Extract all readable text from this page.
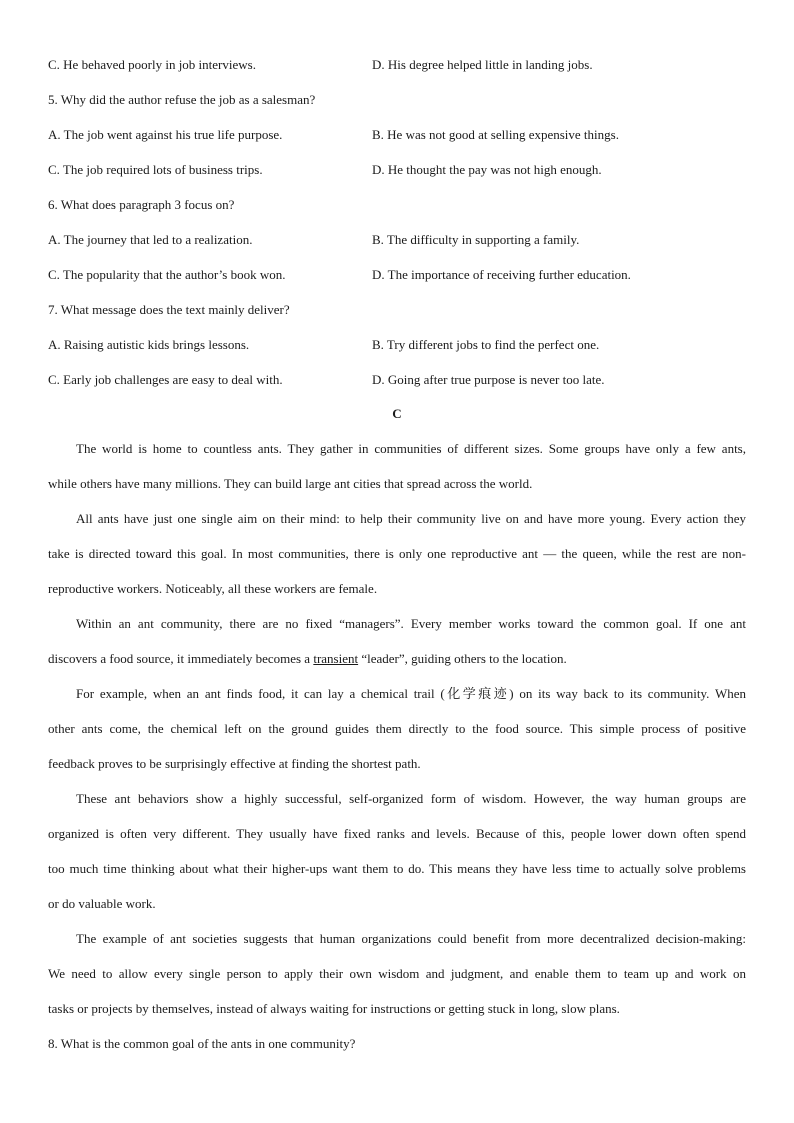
C. He behaved poorly in job interviews.	D. His degree helped little in landing jobs.
5. Why did the author refuse the job as a salesman?
A. The job went against his true life purpose.	B. He was not good at selling expensive things.
C. The job required lots of business trips.	D. He thought the pay was not high enough.
6. What does paragraph 3 focus on?
A. The journey that led to a realization.	B. The difficulty in supporting a family.
C. The popularity that the author’s book won.	D. The importance of receiving further education.
7. What message does the text mainly deliver?
A. Raising autistic kids brings lessons.	B. Try different jobs to find the perfect one.
C. Early job challenges are easy to deal with.	D. Going after true purpose is never too late.
C
The world is home to countless ants. They gather in communities of different sizes. Some groups have only a few ants,
while others have many millions. They can build large ant cities that spread across the world.
All ants have just one single aim on their mind: to help their community live on and have more young. Every action they
take is directed toward this goal. In most communities, there is only one reproductive ant — the queen, while the rest are non-
reproductive workers. Noticeably, all these workers are female.
Within an ant community, there are no fixed “managers”. Every member works toward the common goal. If one ant
discovers a food source, it immediately becomes a transient “leader”, guiding others to the location.
For example, when an ant finds food, it can lay a chemical trail (化学痕迹) on its way back to its community. When
other ants come, the chemical left on the ground guides them directly to the food source. This simple process of positive
feedback proves to be surprisingly effective at finding the shortest path.
These ant behaviors show a highly successful, self-organized form of wisdom. However, the way human groups are
organized is often very different. They usually have fixed ranks and levels. Because of this, people lower down often spend
too much time thinking about what their higher-ups want them to do. This means they have less time to actually solve problems
or do valuable work.
The example of ant societies suggests that human organizations could benefit from more decentralized decision-making:
We need to allow every single person to apply their own wisdom and judgment, and enable them to team up and work on
tasks or projects by themselves, instead of always waiting for instructions or getting stuck in long, slow plans.
8. What is the common goal of the ants in one community?
